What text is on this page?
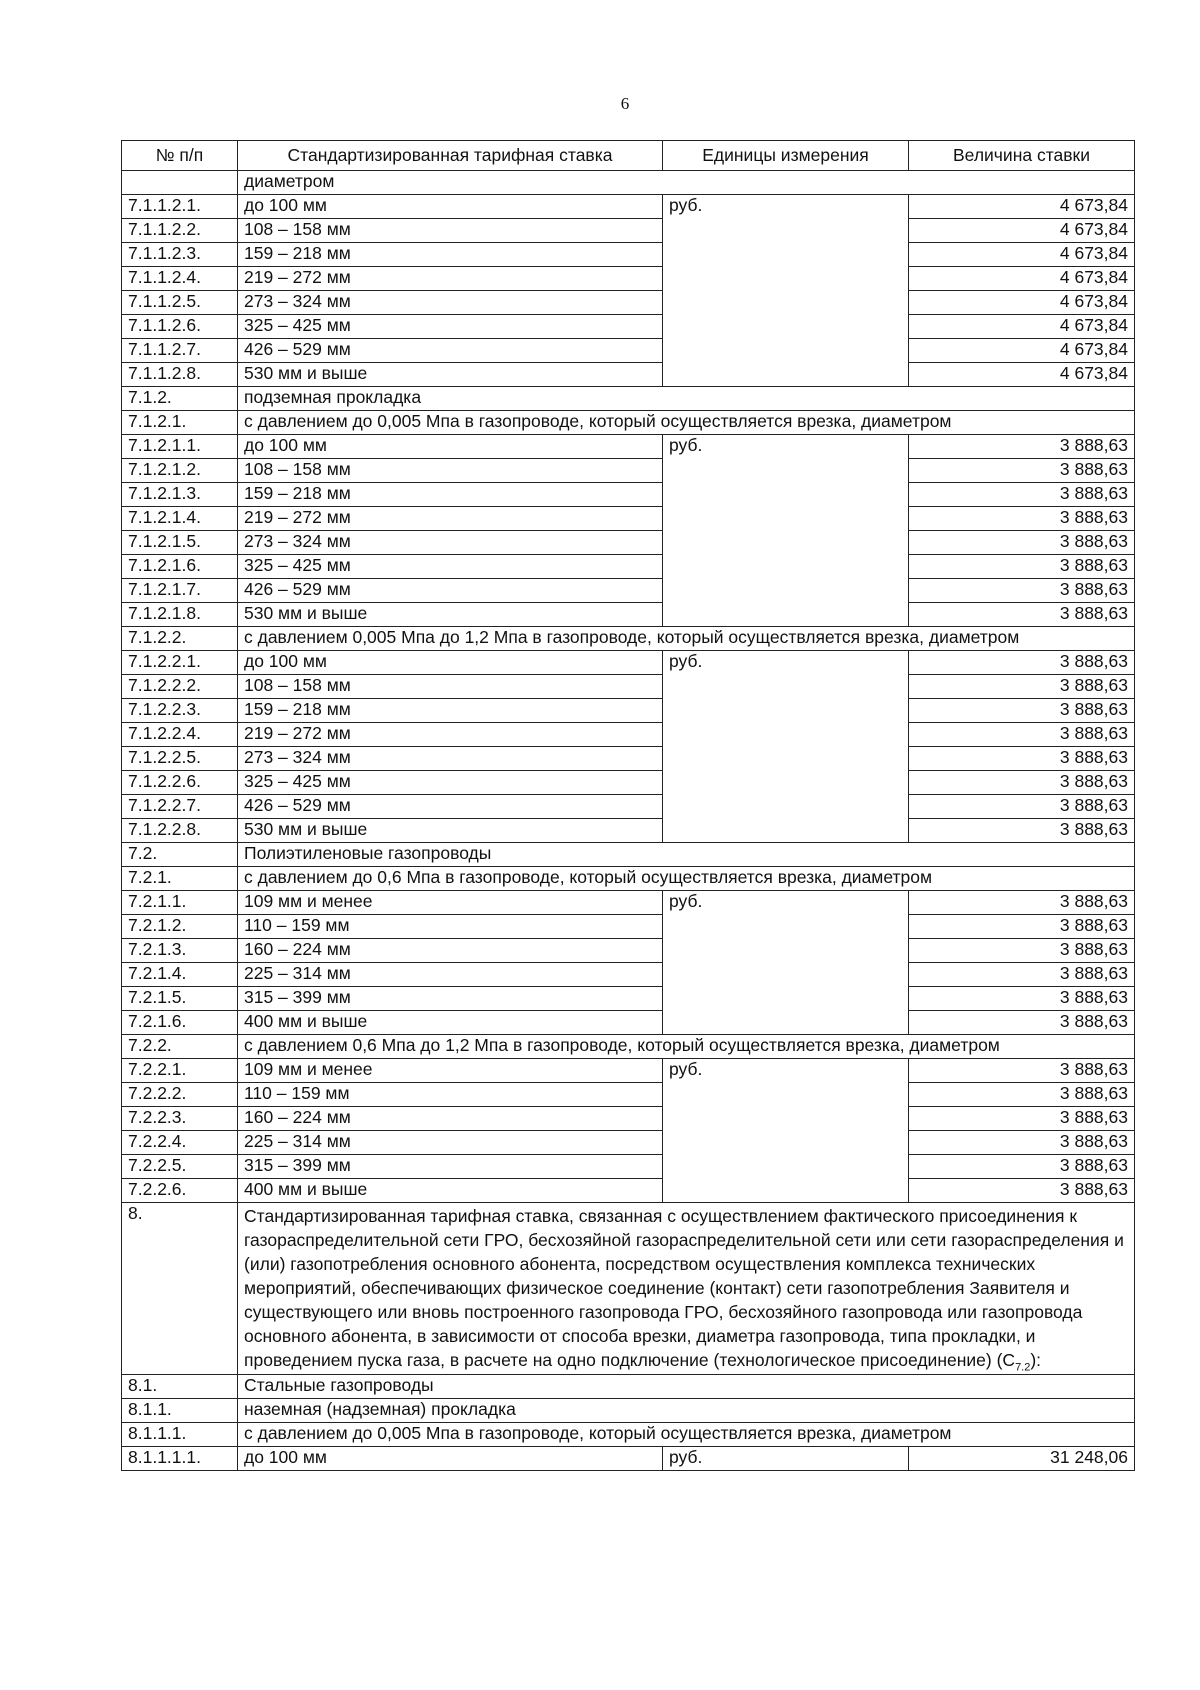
6
№ п/п	Стандартизированная тарифная ставка	Единицы измерения	Величина ставки
	диаметром		
7.1.1.2.1.	до 100 мм	руб.	4 673,84
7.1.1.2.2.	108 – 158 мм		4 673,84
7.1.1.2.3.	159 – 218 мм		4 673,84
7.1.1.2.4.	219 – 272 мм		4 673,84
7.1.1.2.5.	273 – 324 мм		4 673,84
7.1.1.2.6.	325 – 425 мм		4 673,84
7.1.1.2.7.	426 – 529 мм		4 673,84
7.1.1.2.8.	530 мм и выше		4 673,84
7.1.2.	подземная прокладка		
7.1.2.1.	с давлением до 0,005 Мпа в газопроводе, который осуществляется врезка, диаметром		
7.1.2.1.1.	до 100 мм	руб.	3 888,63
7.1.2.1.2.	108 – 158 мм		3 888,63
7.1.2.1.3.	159 – 218 мм		3 888,63
7.1.2.1.4.	219 – 272 мм		3 888,63
7.1.2.1.5.	273 – 324 мм		3 888,63
7.1.2.1.6.	325 – 425 мм		3 888,63
7.1.2.1.7.	426 – 529 мм		3 888,63
7.1.2.1.8.	530 мм и выше		3 888,63
7.1.2.2.	с давлением 0,005 Мпа до 1,2 Мпа в газопроводе, который осуществляется врезка, диаметром		
7.1.2.2.1.	до 100 мм	руб.	3 888,63
7.1.2.2.2.	108 – 158 мм		3 888,63
7.1.2.2.3.	159 – 218 мм		3 888,63
7.1.2.2.4.	219 – 272 мм		3 888,63
7.1.2.2.5.	273 – 324 мм		3 888,63
7.1.2.2.6.	325 – 425 мм		3 888,63
7.1.2.2.7.	426 – 529 мм		3 888,63
7.1.2.2.8.	530 мм и выше		3 888,63
7.2.	Полиэтиленовые газопроводы		
7.2.1.	с давлением до 0,6 Мпа в газопроводе, который осуществляется врезка, диаметром		
7.2.1.1.	109 мм и менее	руб.	3 888,63
7.2.1.2.	110 – 159 мм		3 888,63
7.2.1.3.	160 – 224 мм		3 888,63
7.2.1.4.	225 – 314 мм		3 888,63
7.2.1.5.	315 – 399 мм		3 888,63
7.2.1.6.	400 мм и выше		3 888,63
7.2.2.	с давлением 0,6 Мпа до 1,2 Мпа в газопроводе, который осуществляется врезка, диаметром		
7.2.2.1.	109 мм и менее	руб.	3 888,63
7.2.2.2.	110 – 159 мм		3 888,63
7.2.2.3.	160 – 224 мм		3 888,63
7.2.2.4.	225 – 314 мм		3 888,63
7.2.2.5.	315 – 399 мм		3 888,63
7.2.2.6.	400 мм и выше		3 888,63
8.	Стандартизированная тарифная ставка, связанная с осуществлением фактического присоединения к газораспределительной сети ГРО, бесхозяйной газораспределительной сети или сети газораспределения и (или) газопотребления основного абонента, посредством осуществления комплекса технических мероприятий, обеспечивающих физическое соединение (контакт) сети газопотребления Заявителя и существующего или вновь построенного газопровода ГРО, бесхозяйного газопровода или газопровода основного абонента, в зависимости от способа врезки, диаметра газопровода, типа прокладки, и проведением пуска газа, в расчете на одно подключение (технологическое присоединение) $(С_{7.2})$:		
8.1.	Стальные газопроводы		
8.1.1.	наземная (надземная) прокладка		
8.1.1.1.	с давлением до 0,005 Мпа в газопроводе, который осуществляется врезка, диаметром		
8.1.1.1.1.	до 100 мм	руб.	31 248,06
